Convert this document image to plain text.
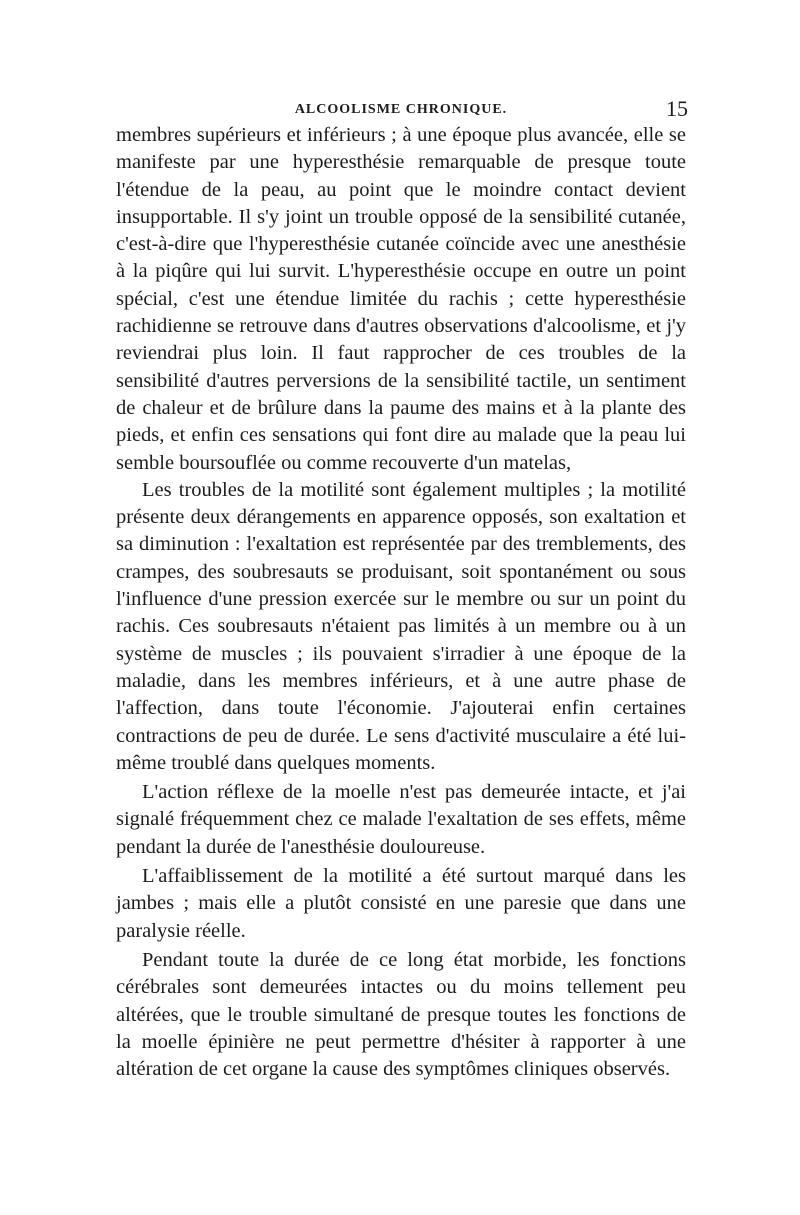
ALCOOLISME CHRONIQUE.	15

membres supérieurs et inférieurs ; à une époque plus avancée, elle se manifeste par une hyperesthésie remarquable de presque toute l'étendue de la peau, au point que le moindre contact devient insupportable. Il s'y joint un trouble opposé de la sensibilité cutanée, c'est-à-dire que l'hyperesthésie cutanée coïncide avec une anesthésie à la piqûre qui lui survit. L'hyperesthésie occupe en outre un point spécial, c'est une étendue limitée du rachis ; cette hyperesthésie rachidienne se retrouve dans d'autres observations d'alcoolisme, et j'y reviendrai plus loin. Il faut rapprocher de ces troubles de la sensibilité d'autres perversions de la sensibilité tactile, un sentiment de chaleur et de brûlure dans la paume des mains et à la plante des pieds, et enfin ces sensations qui font dire au malade que la peau lui semble boursouflée ou comme recouverte d'un matelas,

Les troubles de la motilité sont également multiples ; la motilité présente deux dérangements en apparence opposés, son exaltation et sa diminution : l'exaltation est représentée par des tremblements, des crampes, des soubresauts se produisant, soit spontanément ou sous l'influence d'une pression exercée sur le membre ou sur un point du rachis. Ces soubresauts n'étaient pas limités à un membre ou à un système de muscles ; ils pouvaient s'irradier à une époque de la maladie, dans les membres inférieurs, et à une autre phase de l'affection, dans toute l'économie. J'ajouterai enfin certaines contractions de peu de durée. Le sens d'activité musculaire a été lui-même troublé dans quelques moments.

L'action réflexe de la moelle n'est pas demeurée intacte, et j'ai signalé fréquemment chez ce malade l'exaltation de ses effets, même pendant la durée de l'anesthésie douloureuse.

L'affaiblissement de la motilité a été surtout marqué dans les jambes ; mais elle a plutôt consisté en une paresie que dans une paralysie réelle.

Pendant toute la durée de ce long état morbide, les fonctions cérébrales sont demeurées intactes ou du moins tellement peu altérées, que le trouble simultané de presque toutes les fonctions de la moelle épinière ne peut permettre d'hésiter à rapporter à une altération de cet organe la cause des symptômes cliniques observés.
